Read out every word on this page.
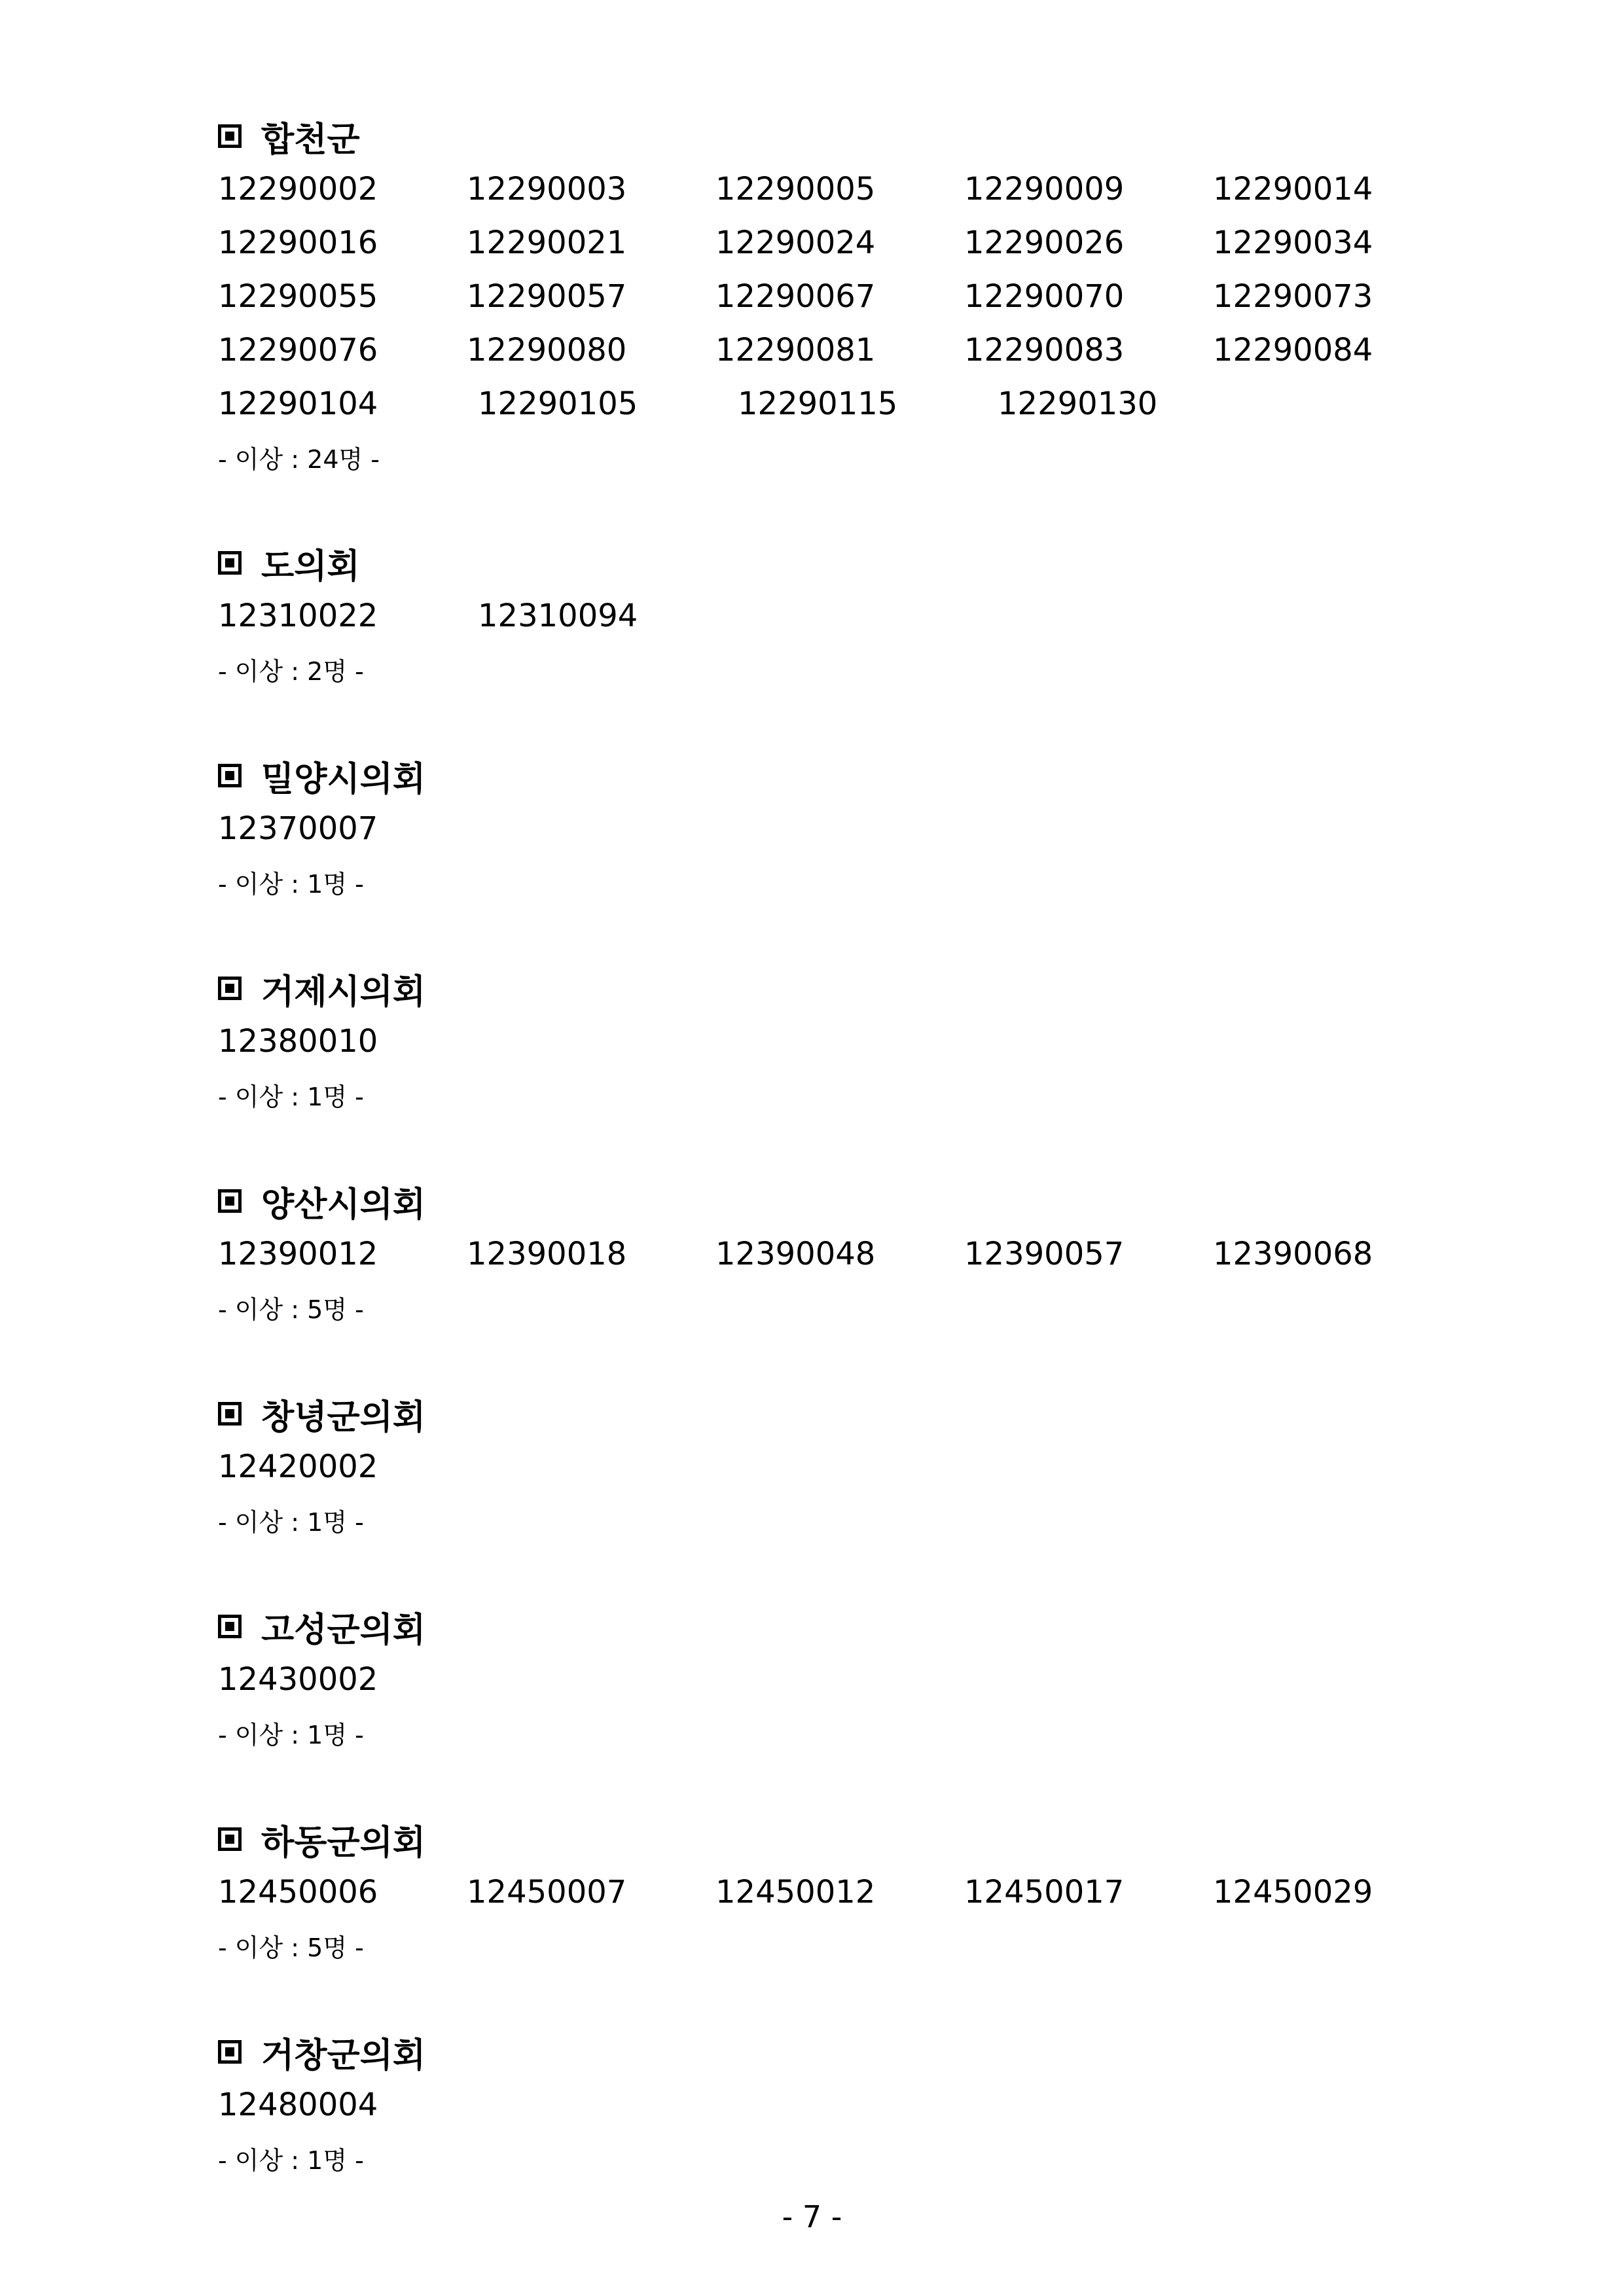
합천군
12290002	12290003	12290005	12290009	12290014
12290016	12290021	12290024	12290026	12290034
12290055	12290057	12290067	12290070	12290073
12290076	12290080	12290081	12290083	12290084
12290104	12290105	12290115	12290130
- 이상 : 24명 -
도의회
12310022	12310094
- 이상 : 2명 -
밀양시의회
12370007
- 이상 : 1명 -
거제시의회
12380010
- 이상 : 1명 -
양산시의회
12390012	12390018	12390048	12390057	12390068
- 이상 : 5명 -
창녕군의회
12420002
- 이상 : 1명 -
고성군의회
12430002
- 이상 : 1명 -
하동군의회
12450006	12450007	12450012	12450017	12450029
- 이상 : 5명 -
거창군의회
12480004
- 이상 : 1명 -
- 7 -
